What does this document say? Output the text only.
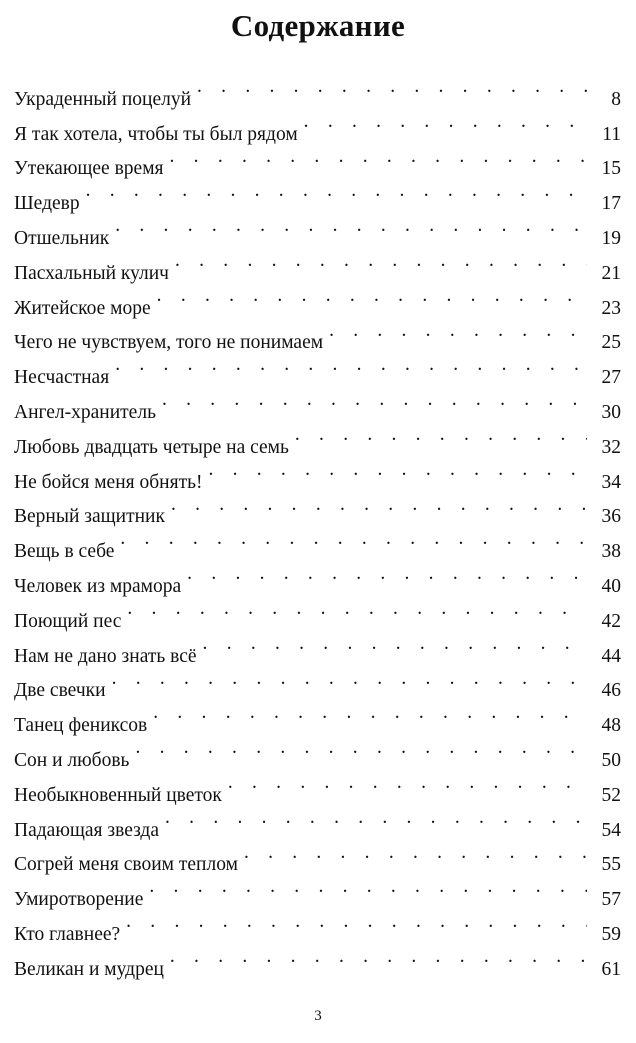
Содержание
Украденный поцелуй . . .	8
Я так хотела, чтобы ты был рядом . . .	11
Утекающее время . . .	15
Шедевр . . .	17
Отшельник . . .	19
Пасхальный кулич . . .	21
Житейское море . . .	23
Чего не чувствуем, того не понимаем . . .	25
Несчастная . . .	27
Ангел-хранитель . . .	30
Любовь двадцать четыре на семь . . .	32
Не бойся меня обнять! . . .	34
Верный защитник . . .	36
Вещь в себе . . .	38
Человек из мрамора . . .	40
Поющий пес . . .	42
Нам не дано знать всё . . .	44
Две свечки . . .	46
Танец фениксов . . .	48
Сон и любовь . . .	50
Необыкновенный цветок . . .	52
Падающая звезда . . .	54
Согрей меня своим теплом . . .	55
Умиротворение . . .	57
Кто главнее? . . .	59
Великан и мудрец . . .	61
3
